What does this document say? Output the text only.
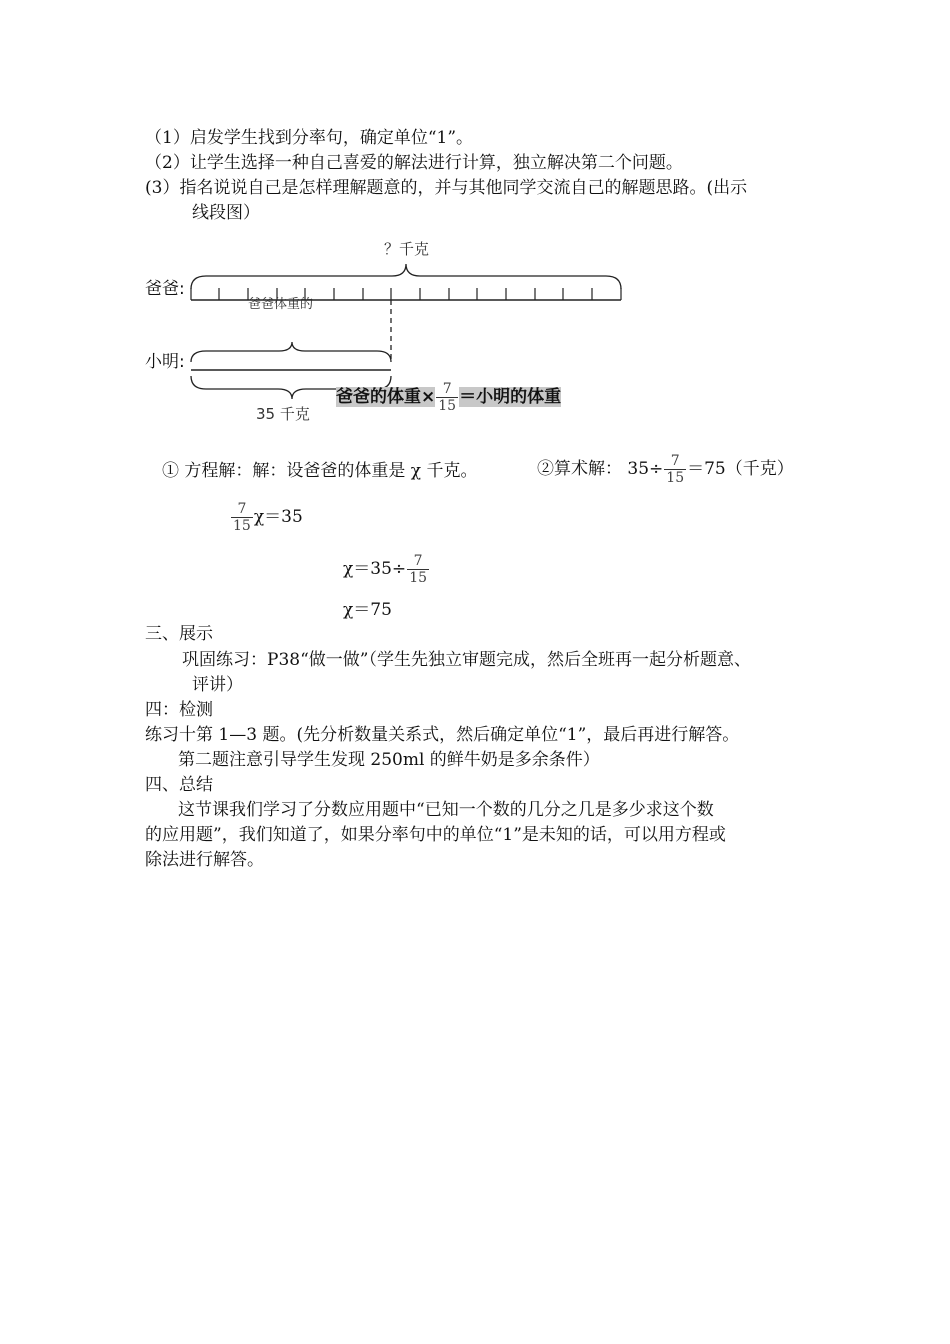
（1）启发学生找到分率句，确定单位“1”。
（2）让学生选择一种自己喜爱的解法进行计算，独立解决第二个问题。
(3）指名说说自己是怎样理解题意的，并与其他同学交流自己的解题思路。(出示
线段图）
？千克
爸爸:
爸爸体重的
小明:
35 千克
爸爸的体重× $\frac{7}{15}$ ＝小明的体重
① 方程解：解：设爸爸的体重是 χ 千克。	②算术解： $35\div \frac{7}{15} =75$（千克）
$\frac{7}{15} \chi=35$
$\chi=35\div \frac{7}{15}$
χ＝75
三、展示
巩固练习：P38“做一做”（学生先独立审题完成，然后全班再一起分析题意、
评讲）
四：检测
练习十第 1—3 题。(先分析数量关系式，然后确定单位“1”，最后再进行解答。
第二题注意引导学生发现 250ml 的鲜牛奶是多余条件）
四、总结
这节课我们学习了分数应用题中“已知一个数的几分之几是多少求这个数
的应用题”，我们知道了，如果分率句中的单位“1”是未知的话，可以用方程或
除法进行解答。
